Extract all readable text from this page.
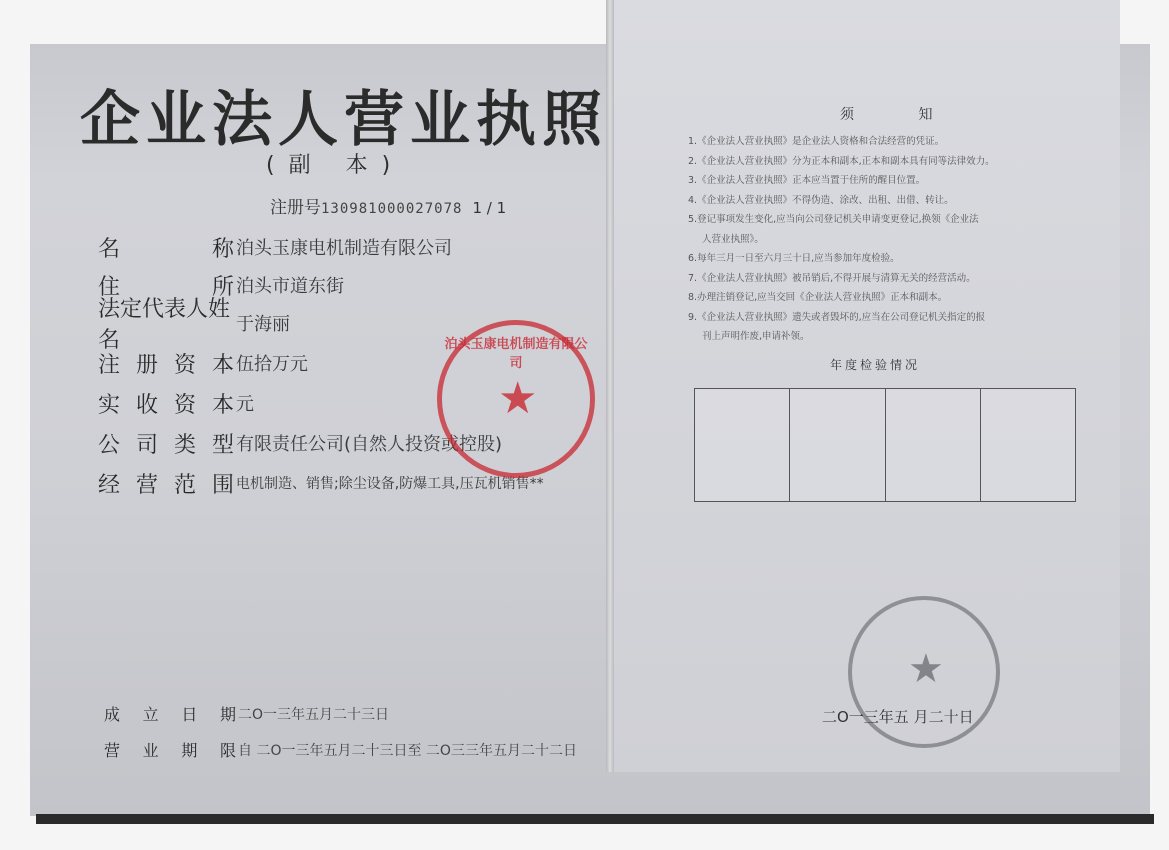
企业法人营业执照
(副 本)
注册号130981000027078 1 / 1
名	称 泊头玉康电机制造有限公司
住	所 泊头市道东街
法定代表人姓名
于海丽
注 册 资 本 伍拾万元
实 收 资 本 元
公 司 类 型 有限责任公司(自然人投资或控股)
经 营 范 围 电机制造、销售;除尘设备,防爆工具,压瓦机销售**
成 立 日 期 二O一三年五月二十三日
营 业 期 限 自 二O一三年五月二十三日至 二O三三年五月二十二日
泊头玉康电机制造有限公司
★
须 知
1.《企业法人营业执照》是企业法人资格和合法经营的凭证。
2.《企业法人营业执照》分为正本和副本,正本和副本具有同等法律效力。
3.《企业法人营业执照》正本应当置于住所的醒目位置。
4.《企业法人营业执照》不得伪造、涂改、出租、出借、转让。
5.登记事项发生变化,应当向公司登记机关申请变更登记,换领《企业法
人营业执照》。
6.每年三月一日至六月三十日,应当参加年度检验。
7.《企业法人营业执照》被吊销后,不得开展与清算无关的经营活动。
8.办理注销登记,应当交回《企业法人营业执照》正本和副本。
9.《企业法人营业执照》遗失或者毁坏的,应当在公司登记机关指定的报
刊上声明作废,申请补领。
年度检验情况
★
二O一三年五 月二十日
